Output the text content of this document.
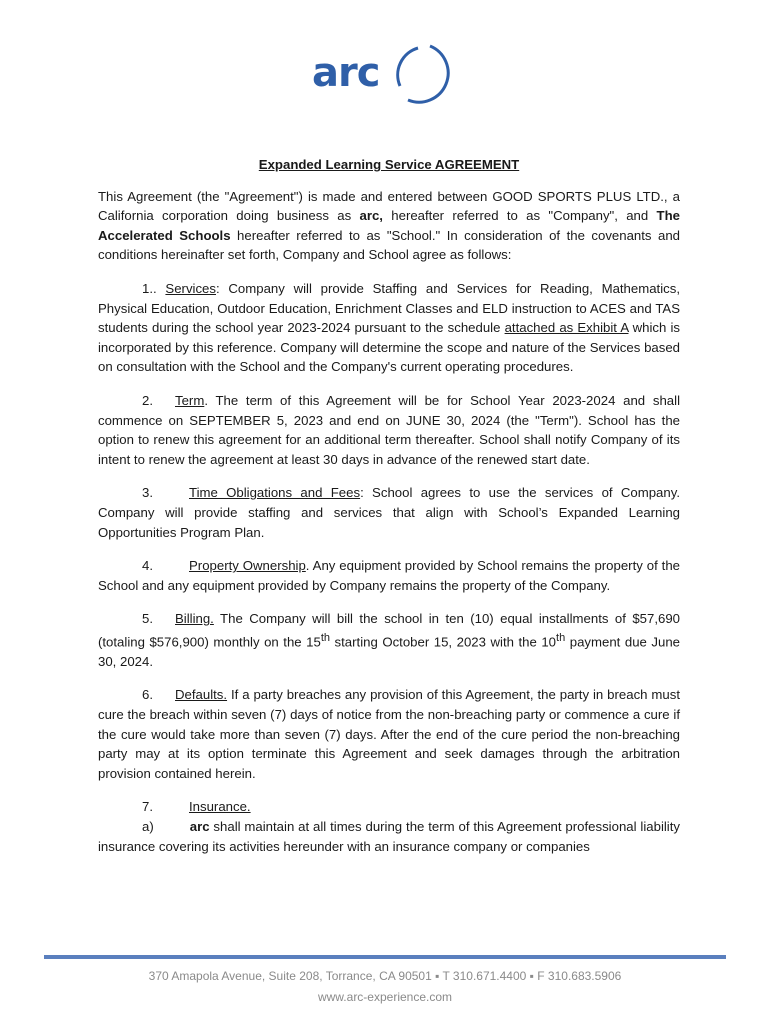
arc
Expanded Learning Service AGREEMENT

This Agreement (the "Agreement") is made and entered between GOOD SPORTS PLUS LTD., a California corporation doing business as arc, hereafter referred to as "Company", and The Accelerated Schools hereafter referred to as "School." In consideration of the covenants and conditions hereinafter set forth, Company and School agree as follows:

1.. Services: Company will provide Staffing and Services for Reading, Mathematics, Physical Education, Outdoor Education, Enrichment Classes and ELD instruction to ACES and TAS students during the school year 2023-2024 pursuant to the schedule attached as Exhibit A which is incorporated by this reference. Company will determine the scope and nature of the Services based on consultation with the School and the Company's current operating procedures.

2. Term. The term of this Agreement will be for School Year 2023-2024 and shall commence on SEPTEMBER 5, 2023 and end on JUNE 30, 2024 (the "Term"). School has the option to renew this agreement for an additional term thereafter. School shall notify Company of its intent to renew the agreement at least 30 days in advance of the renewed start date.

3.	Time Obligations and Fees: School agrees to use the services of Company. Company will provide staffing and services that align with School’s Expanded Learning Opportunities Program Plan.

4.	Property Ownership. Any equipment provided by School remains the property of the School and any equipment provided by Company remains the property of the Company.

5. Billing. The Company will bill the school in ten (10) equal installments of $57,690 (totaling $576,900) monthly on the 15th starting October 15, 2023 with the 10th payment due June 30, 2024.

6. Defaults. If a party breaches any provision of this Agreement, the party in breach must cure the breach within seven (7) days of notice from the non-breaching party or commence a cure if the cure would take more than seven (7) days. After the end of the cure period the non-breaching party may at its option terminate this Agreement and seek damages through the arbitration provision contained herein.

7.	Insurance.

a)	arc shall maintain at all times during the term of this Agreement professional liability insurance covering its activities hereunder with an insurance company or companies

370 Amapola Avenue, Suite 208, Torrance, CA 90501 ▪ T 310.671.4400 ▪ F 310.683.5906
www.arc-experience.com
